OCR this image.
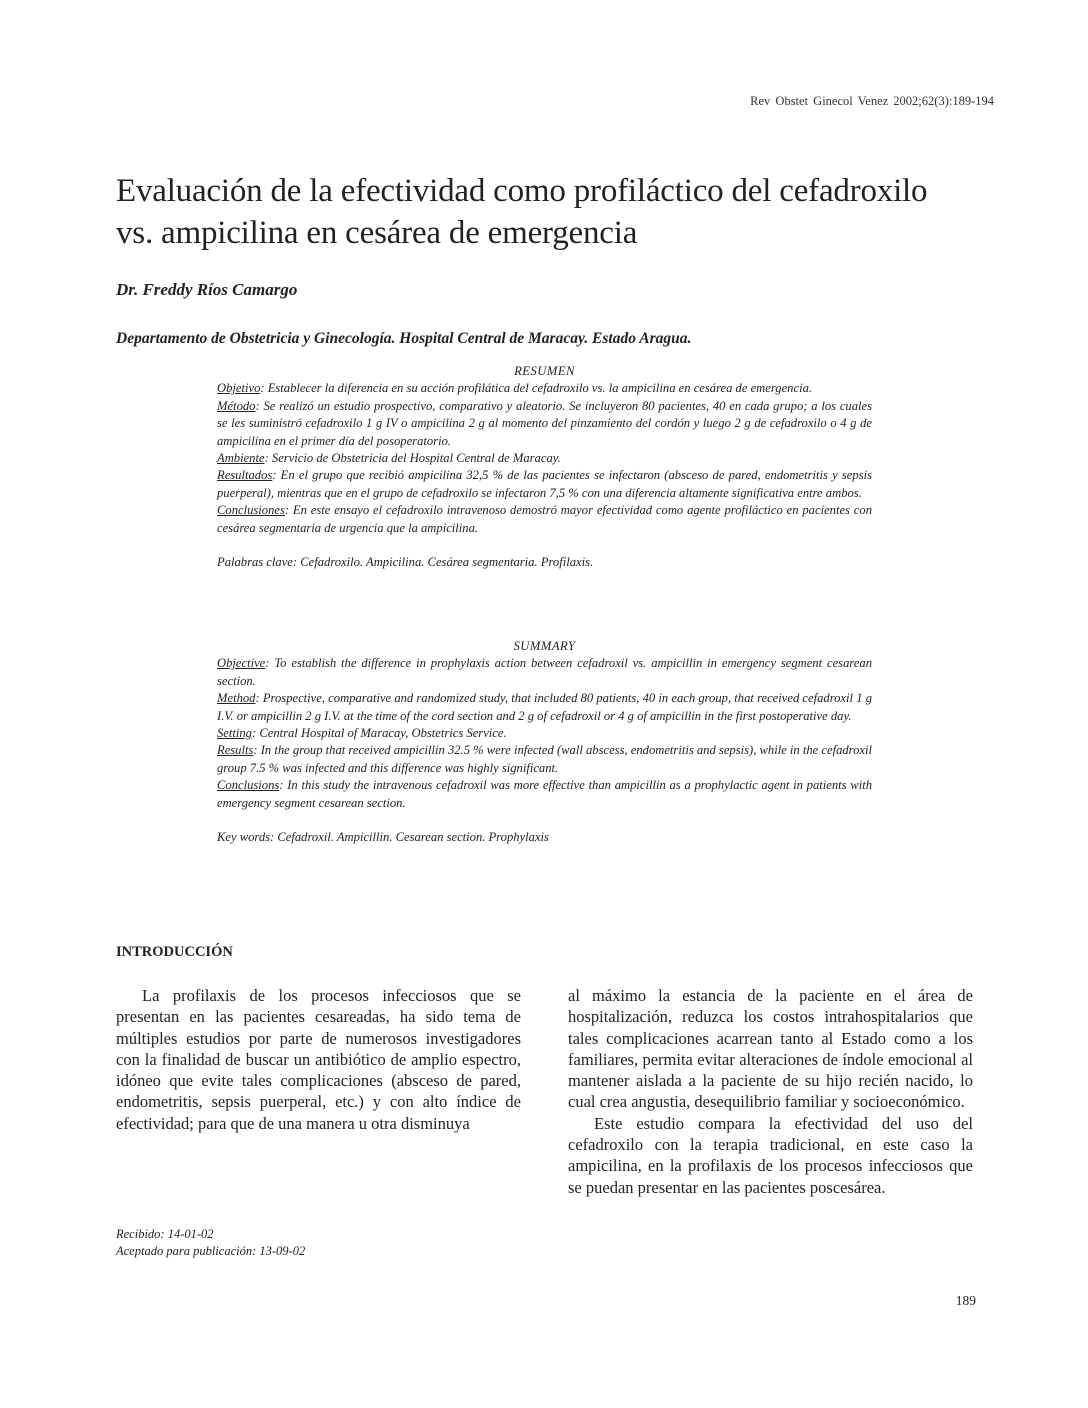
Rev Obstet Ginecol Venez 2002;62(3):189-194
Evaluación de la efectividad como profiláctico del cefadroxilo
vs. ampicilina en cesárea de emergencia
Dr. Freddy Ríos Camargo
Departamento de Obstetricia y Ginecología. Hospital Central de Maracay. Estado Aragua.
RESUMEN

Objetivo: Establecer la diferencia en su acción profilática del cefadroxilo vs. la ampicilina en cesárea de emergencia.

Método: Se realizó un estudio prospectivo, comparativo y aleatorio. Se incluyeron 80 pacientes, 40 en cada grupo; a los cuales se les suministró cefadroxilo 1 g IV o ampicilina 2 g al momento del pinzamiento del cordón y luego 2 g de cefadroxilo o 4 g de ampicilina en el primer día del posoperatorio.

Ambiente: Servicio de Obstetricia del Hospital Central de Maracay.

Resultados: En el grupo que recibió ampicilina 32,5 % de las pacientes se infectaron (absceso de pared, endometritis y sepsis puerperal), mientras que en el grupo de cefadroxilo se infectaron 7,5 % con una diferencia altamente significativa entre ambos.

Conclusiones: En este ensayo el cefadroxilo intravenoso demostró mayor efectividad como agente profiláctico en pacientes con cesárea segmentaria de urgencia que la ampicilina.

Palabras clave: Cefadroxilo. Ampicilina. Cesárea segmentaria. Profilaxis.

SUMMARY

Objective: To establish the difference in prophylaxis action between cefadroxil vs. ampicillin in emergency segment cesarean section.

Method: Prospective, comparative and randomized study, that included 80 patients, 40 in each group, that received cefadroxil 1 g I.V. or ampicillin 2 g I.V. at the time of the cord section and 2 g of cefadroxil or 4 g of ampicillin in the first postoperative day.

Setting: Central Hospital of Maracay, Obstetrics Service.

Results: In the group that received ampicillin 32.5 % were infected (wall abscess, endometritis and sepsis), while in the cefadroxil group 7.5 % was infected and this difference was highly significant.

Conclusions: In this study the intravenous cefadroxil was more effective than ampicillin as a prophylactic agent in patients with emergency segment cesarean section.

Key words: Cefadroxil. Ampicillin. Cesarean section. Prophylaxis

INTRODUCCIÓN

La profilaxis de los procesos infecciosos que se presentan en las pacientes cesareadas, ha sido tema de múltiples estudios por parte de numerosos investigadores con la finalidad de buscar un antibiótico de amplio espectro, idóneo que evite tales complicaciones (absceso de pared, endometritis, sepsis puerperal, etc.) y con alto índice de efectividad; para que de una manera u otra disminuya

al máximo la estancia de la paciente en el área de hospitalización, reduzca los costos intrahospitalarios que tales complicaciones acarrean tanto al Estado como a los familiares, permita evitar alteraciones de índole emocional al mantener aislada a la paciente de su hijo recién nacido, lo cual crea angustia, desequilibrio familiar y socioeconómico.

Este estudio compara la efectividad del uso del cefadroxilo con la terapia tradicional, en este caso la ampicilina, en la profilaxis de los procesos infecciosos que se puedan presentar en las pacientes poscesárea.

Recibido: 14-01-02
Aceptado para publicación: 13-09-02
189
